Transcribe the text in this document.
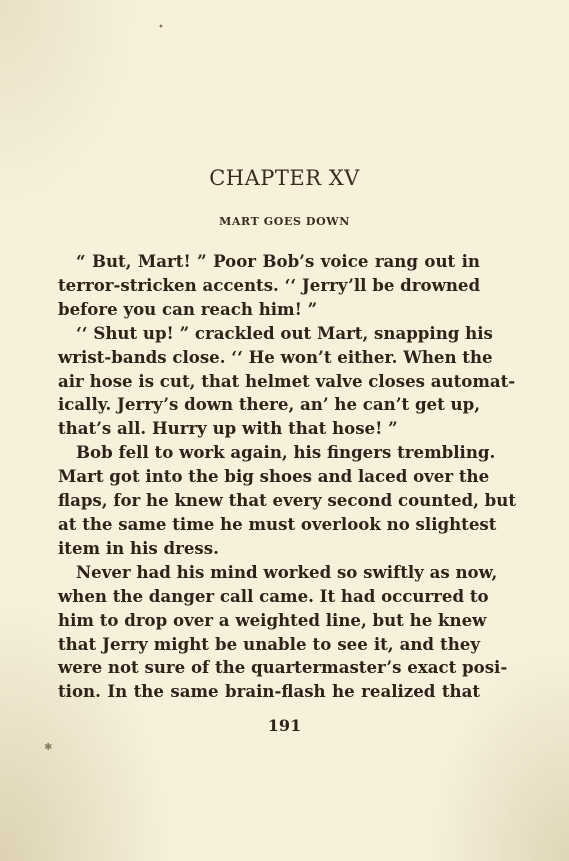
•
✱
CHAPTER XV
MART GOES DOWN
“ But, Mart! ” Poor Bob’s voice rang out in
terror-stricken accents. ‘‘ Jerry’ll be drowned
before you can reach him! ”
‘‘ Shut up! ” crackled out Mart, snapping his
wrist-bands close. ‘‘ He won’t either. When the
air hose is cut, that helmet valve closes automat-
ically. Jerry’s down there, an’ he can’t get up,
that’s all. Hurry up with that hose! ”
Bob fell to work again, his fingers trembling.
Mart got into the big shoes and laced over the
flaps, for he knew that every second counted, but
at the same time he must overlook no slightest
item in his dress.
Never had his mind worked so swiftly as now,
when the danger call came. It had occurred to
him to drop over a weighted line, but he knew
that Jerry might be unable to see it, and they
were not sure of the quartermaster’s exact posi-
tion. In the same brain-flash he realized that
191
